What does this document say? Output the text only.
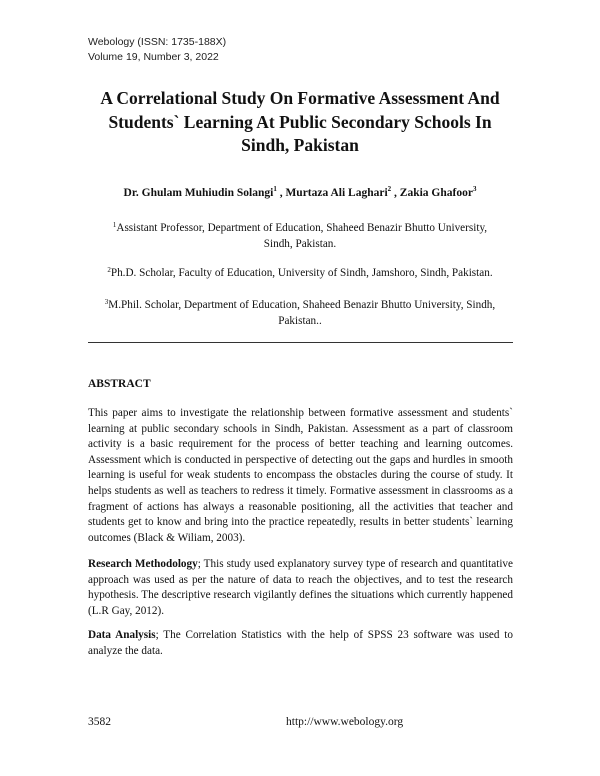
Webology (ISSN: 1735-188X)
Volume 19, Number 3, 2022
A Correlational Study On Formative Assessment And
Students` Learning At Public Secondary Schools In
Sindh, Pakistan
Dr. Ghulam Muhiudin Solangi$^1$ , Murtaza Ali Laghari$^2$ , Zakia Ghafoor$^3$
$^1$Assistant Professor, Department of Education, Shaheed Benazir Bhutto University,
Sindh, Pakistan.
$^2$Ph.D. Scholar, Faculty of Education, University of Sindh, Jamshoro, Sindh, Pakistan.
$^3$M.Phil. Scholar, Department of Education, Shaheed Benazir Bhutto University, Sindh,
Pakistan..
ABSTRACT

This paper aims to investigate the relationship between formative assessment and students` learning at public secondary schools in Sindh, Pakistan. Assessment as a part of classroom activity is a basic requirement for the process of better teaching and learning outcomes. Assessment which is conducted in perspective of detecting out the gaps and hurdles in smooth learning is useful for weak students to encompass the obstacles during the course of study. It helps students as well as teachers to redress it timely. Formative assessment in classrooms as a fragment of actions has always a reasonable positioning, all the activities that teacher and students get to know and bring into the practice repeatedly, results in better students` learning outcomes (Black & Wiliam, 2003).

Research Methodology; This study used explanatory survey type of research and quantitative approach was used as per the nature of data to reach the objectives, and to test the research hypothesis. The descriptive research vigilantly defines the situations which currently happened (L.R Gay, 2012).

Data Analysis; The Correlation Statistics with the help of SPSS 23 software was used to analyze the data.

3582	http://www.webology.org
